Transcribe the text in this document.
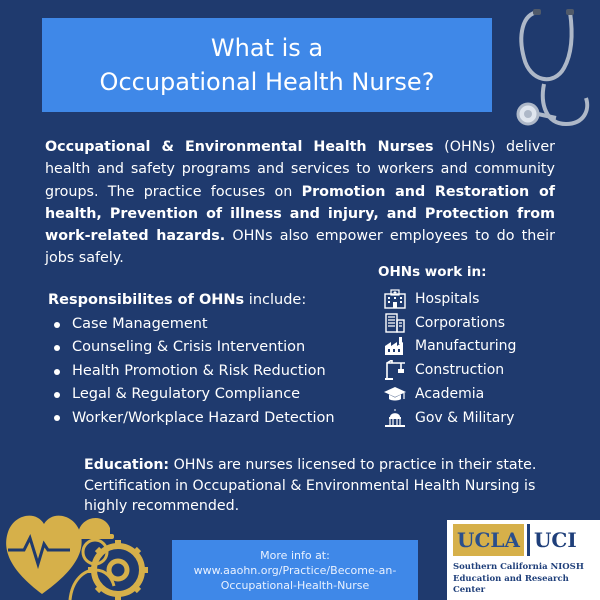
What is a
Occupational Health Nurse?

Occupational & Environmental Health Nurses (OHNs) deliver health and safety programs and services to workers and community groups. The practice focuses on Promotion and Restoration of health, Prevention of illness and injury, and Protection from work-related hazards. OHNs also empower employees to do their jobs safely.

Responsibilites of OHNs include:
Case Management
Counseling & Crisis Intervention
Health Promotion & Risk Reduction
Legal & Regulatory Compliance
Worker/Workplace Hazard Detection
OHNs work in:
Hospitals
Corporations
Manufacturing
Construction
Academia
Gov & Military

Education: OHNs are nurses licensed to practice in their state. Certification in Occupational & Environmental Health Nursing is highly recommended.

More info at:
www.aaohn.org/Practice/Become-an-
Occupational-Health-Nurse
UCLA UCI
Southern California NIOSH
Education and Research Center
